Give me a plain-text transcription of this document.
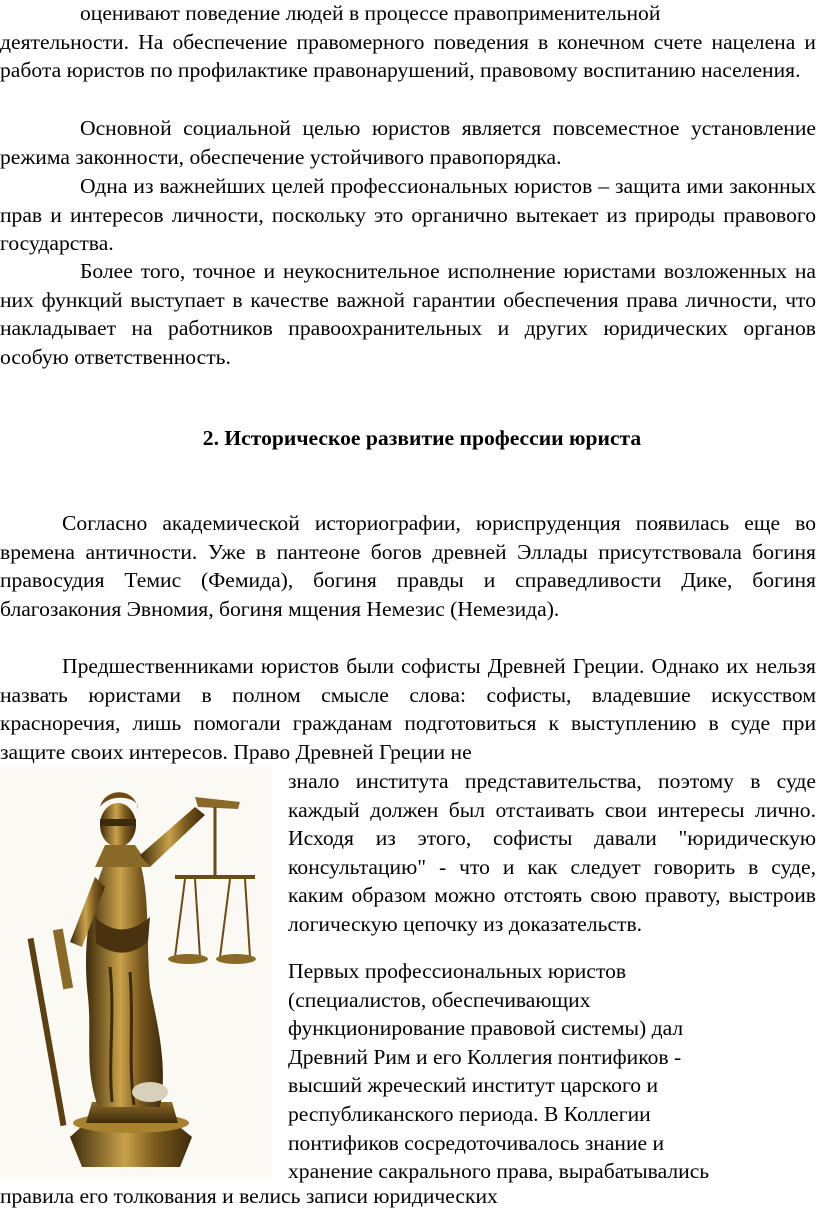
оценивают поведение людей в процессе правоприменительной
деятельности. На обеспечение правомерного поведения в конечном счете нацелена и работа юристов по профилактике правонарушений, правовому воспитанию населения.
Основной социальной целью юристов является повсеместное установление режима законности, обеспечение устойчивого правопорядка.
Одна из важнейших целей профессиональных юристов – защита ими законных прав и интересов личности, поскольку это органично вытекает из природы правового государства.
Более того, точное и неукоснительное исполнение юристами возложенных на них функций выступает в качестве важной гарантии обеспечения права личности, что накладывает на работников правоохранительных и других юридических органов особую ответственность.
2. Историческое развитие профессии юриста
Согласно академической историографии, юриспруденция появилась еще во времена античности. Уже в пантеоне богов древней Эллады присутствовала богиня правосудия Темис (Фемида), богиня правды и справедливости Дике, богиня благозакония Эвномия, богиня мщения Немезис (Немезида).
Предшественниками юристов были софисты Древней Греции. Однако их нельзя назвать юристами в полном смысле слова: софисты, владевшие искусством красноречия, лишь помогали гражданам подготовиться к выступлению в суде при защите своих интересов. Право Древней Греции не
знало института представительства, поэтому в суде каждый должен был отстаивать свои интересы лично. Исходя из этого, софисты давали "юридическую консультацию" - что и как следует говорить в суде, каким образом можно отстоять свою правоту, выстроив логическую цепочку из доказательств.
Первых профессиональных юристов
(специалистов, обеспечивающих
функционирование правовой системы) дал
Древний Рим и его Коллегия понтификов -
высший жреческий институт царского и
республиканского периода. В Коллегии
понтификов сосредоточивалось знание и
хранение сакрального права, вырабатывались
правила его толкования и велись записи юридических
